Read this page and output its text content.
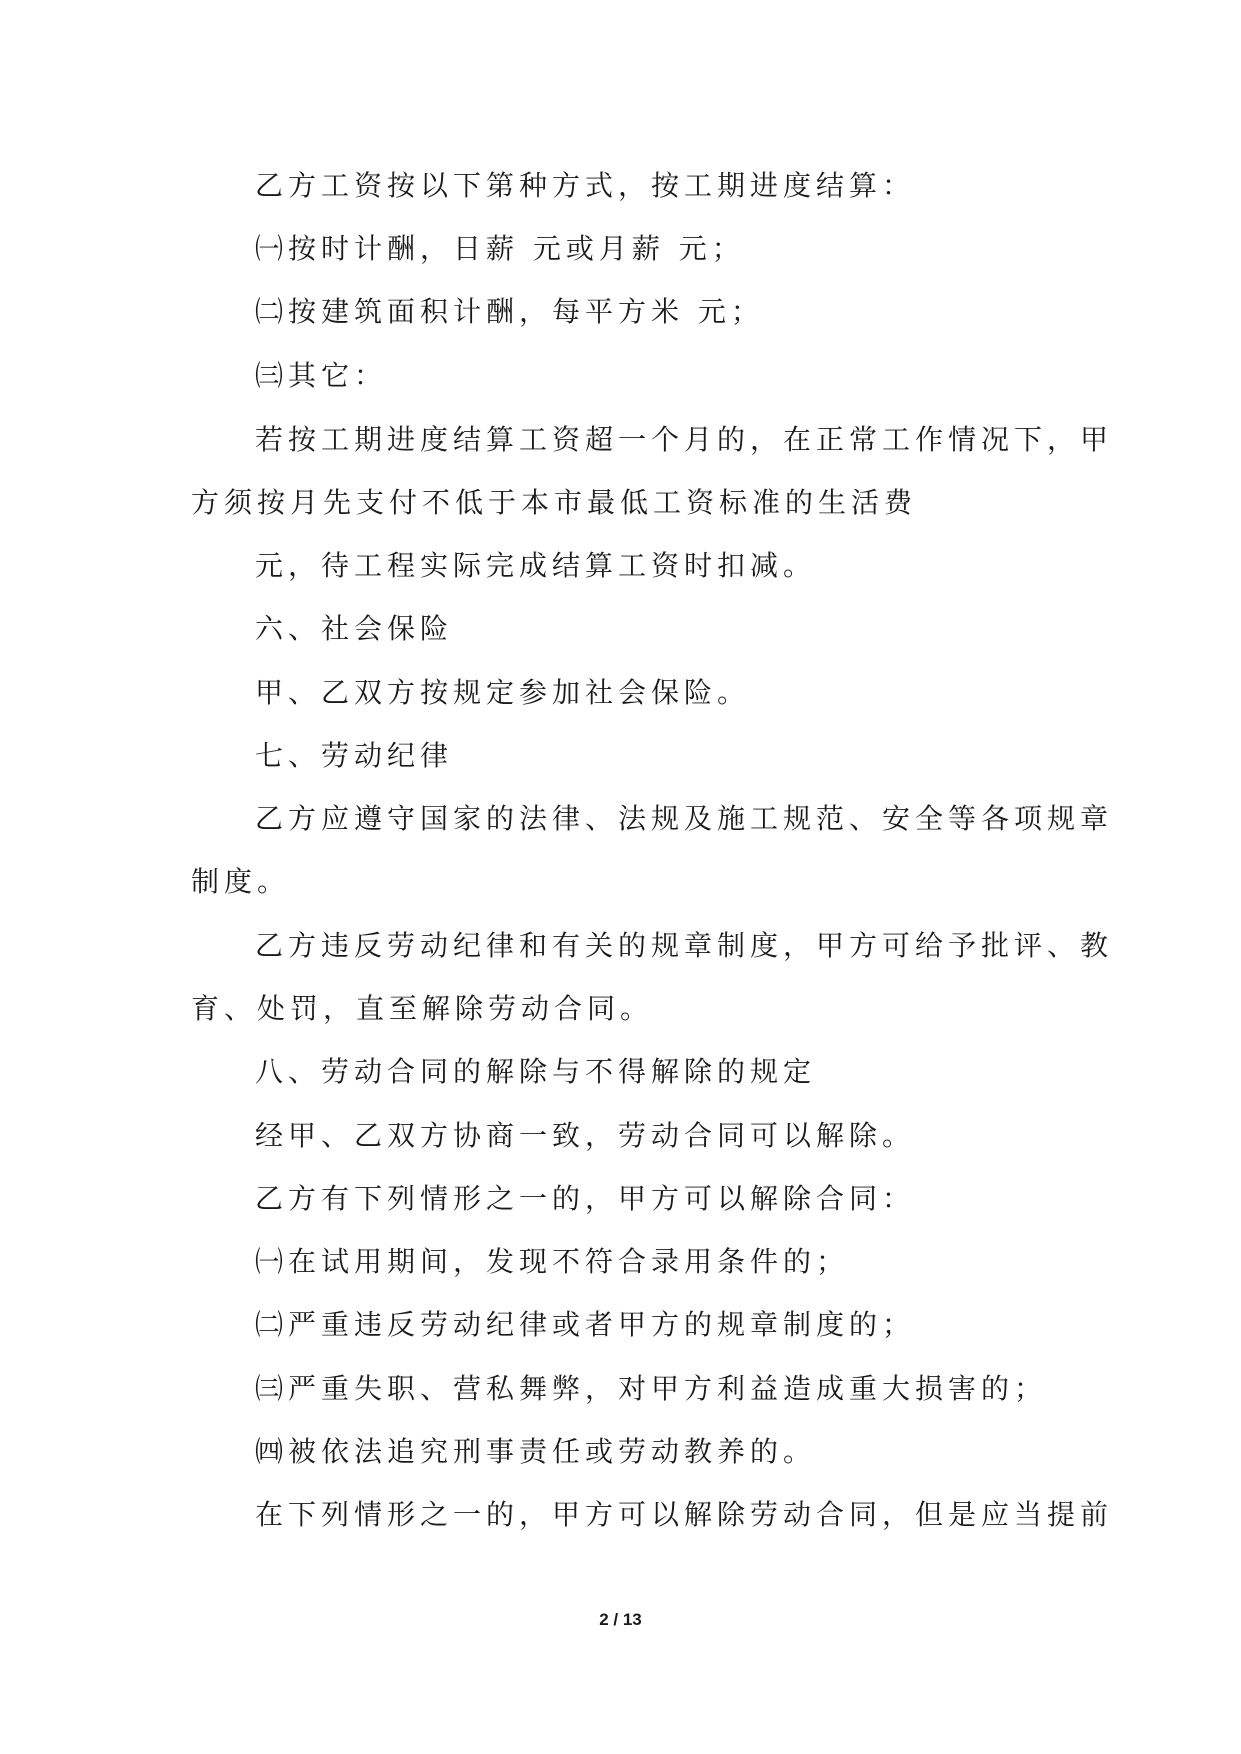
乙方工资按以下第种方式，按工期进度结算：
㈠按时计酬，日薪 元或月薪 元；
㈡按建筑面积计酬，每平方米 元；
㈢其它：
若按工期进度结算工资超一个月的，在正常工作情况下，甲
方须按月先支付不低于本市最低工资标准的生活费
元，待工程实际完成结算工资时扣减。
六、社会保险
甲、乙双方按规定参加社会保险。
七、劳动纪律
乙方应遵守国家的法律、法规及施工规范、安全等各项规章
制度。
乙方违反劳动纪律和有关的规章制度，甲方可给予批评、教
育、处罚，直至解除劳动合同。
八、劳动合同的解除与不得解除的规定
经甲、乙双方协商一致，劳动合同可以解除。
乙方有下列情形之一的，甲方可以解除合同：
㈠在试用期间，发现不符合录用条件的；
㈡严重违反劳动纪律或者甲方的规章制度的；
㈢严重失职、营私舞弊，对甲方利益造成重大损害的；
㈣被依法追究刑事责任或劳动教养的。
在下列情形之一的，甲方可以解除劳动合同，但是应当提前
2 / 13
